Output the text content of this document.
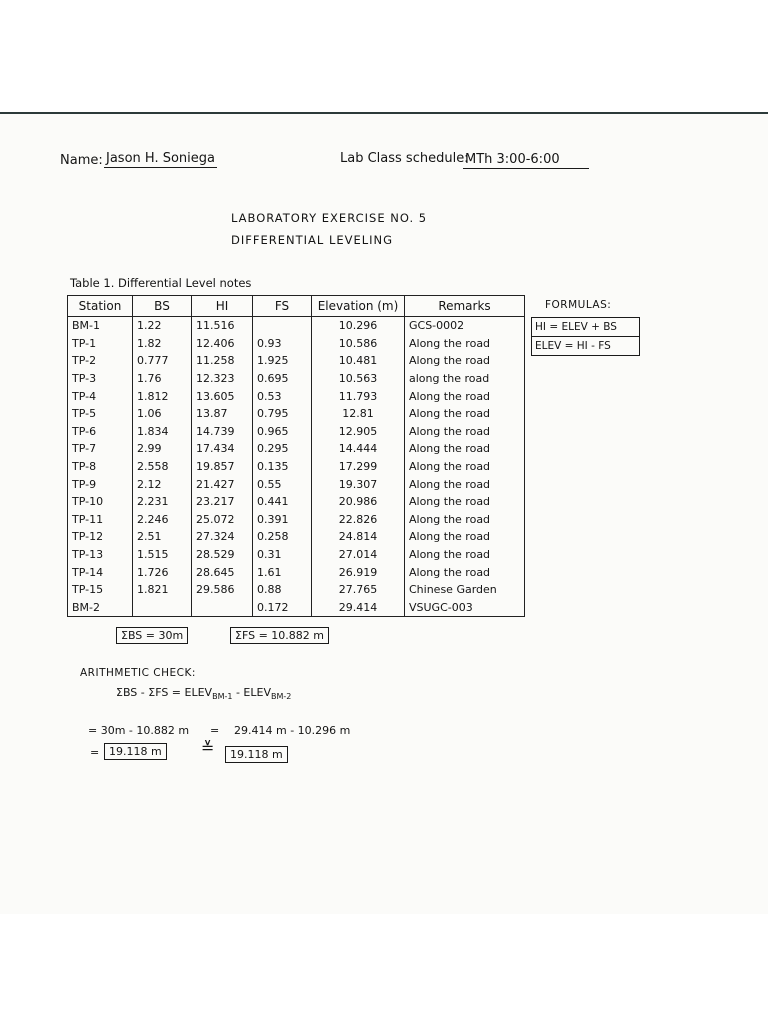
Name: Jason H. Soniega	Lab Class schedule:
MTh 3:00-6:00
LABORATORY EXERCISE NO. 5
DIFFERENTIAL LEVELING
Table 1. Differential Level notes
Station	BS	HI	FS	Elevation (m)	Remarks
BM-1	1.22	11.516		10.296	GCS-0002
TP-1	1.82	12.406	0.93	10.586	Along the road
TP-2	0.777	11.258	1.925	10.481	Along the road
TP-3	1.76	12.323	0.695	10.563	along the road
TP-4	1.812	13.605	0.53	11.793	Along the road
TP-5	1.06	13.87	0.795	12.81	Along the road
TP-6	1.834	14.739	0.965	12.905	Along the road
TP-7	2.99	17.434	0.295	14.444	Along the road
TP-8	2.558	19.857	0.135	17.299	Along the road
TP-9	2.12	21.427	0.55	19.307	Along the road
TP-10	2.231	23.217	0.441	20.986	Along the road
TP-11	2.246	25.072	0.391	22.826	Along the road
TP-12	2.51	27.324	0.258	24.814	Along the road
TP-13	1.515	28.529	0.31	27.014	Along the road
TP-14	1.726	28.645	1.61	26.919	Along the road
TP-15	1.821	29.586	0.88	27.765	Chinese Garden
BM-2			0.172	29.414	VSUGC-003
ΣBS = 30m	ΣFS = 10.882 m
FORMULAS:
HI = ELEV + BS
ELEV = HI - FS
ARITHMETIC CHECK:
$\Sigma BS - \Sigma FS = ELEV_{BM-1}$ - $ELEV_{BM-2}$
= 30m - 10.882 m = 29.414 m - 10.296 m
= 19.118 m	≚	19.118 m
